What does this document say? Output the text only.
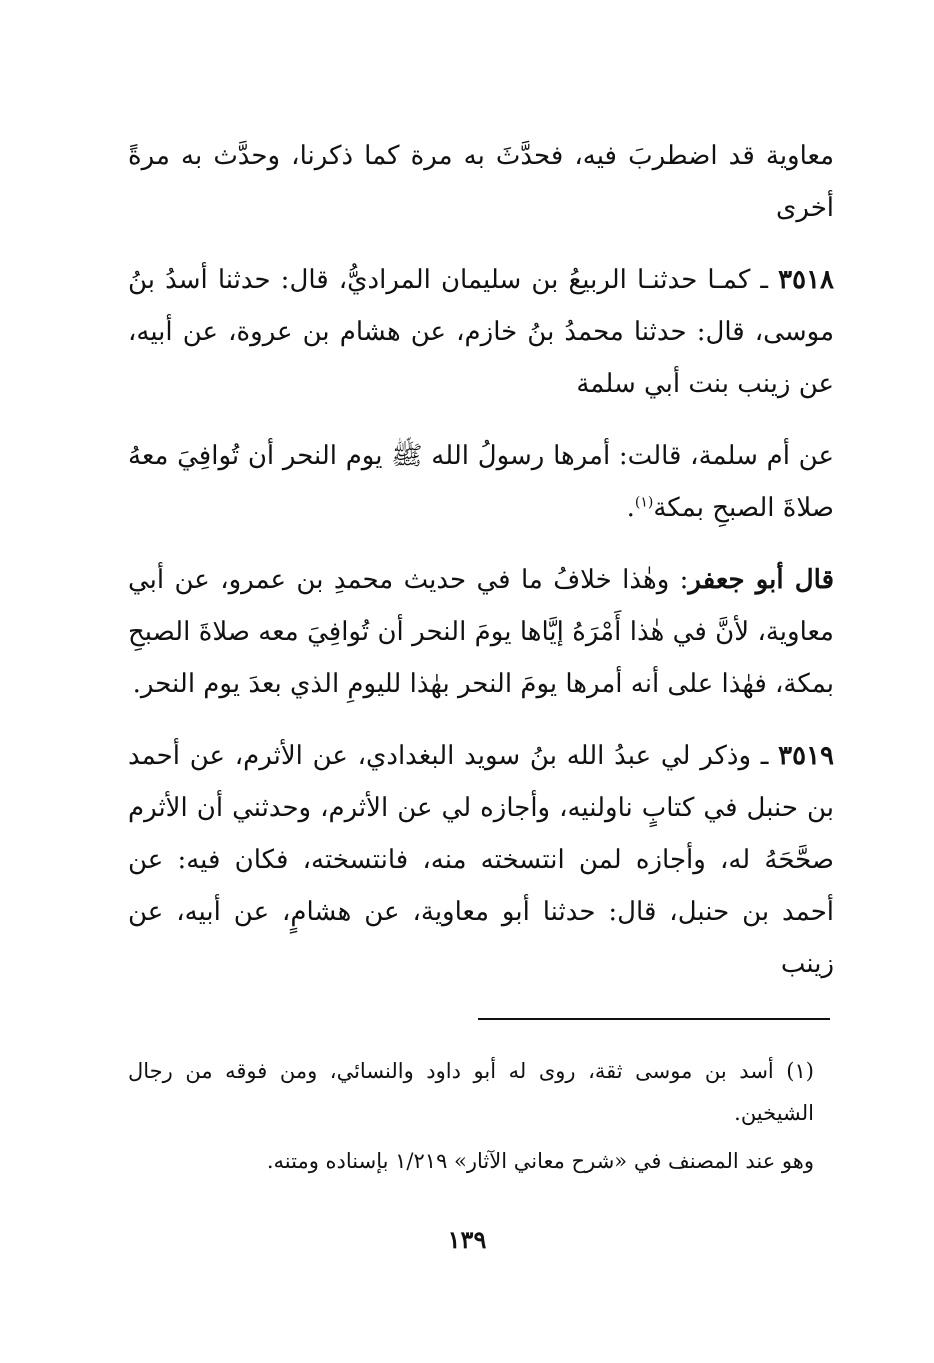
معاوية قد اضطربَ فيه، فحدَّثَ به مرة كما ذكرنا، وحدَّث به مرةً أخرى

٣٥١٨ ـ كمـا حدثنـا الربيعُ بن سليمان المراديُّ، قال: حدثنا أسدُ بنُ موسى، قال: حدثنا محمدُ بنُ خازم، عن هشام بن عروة، عن أبيه، عن زينب بنت أبي سلمة

عن أم سلمة، قالت: أمرها رسولُ الله ﷺ يوم النحر أن تُوافِيَ معهُ صلاةَ الصبحِ بمكة$^{(١)}$.

قال أبو جعفر: وهٰذا خلافُ ما في حديث محمدِ بن عمرو، عن أبي معاوية، لأنَّ في هٰذا أَمْرَهُ إيَّاها يومَ النحر أن تُوافِيَ معه صلاةَ الصبحِ بمكة، فهٰذا على أنه أمرها يومَ النحر بهٰذا لليومِ الذي بعدَ يوم النحر.

٣٥١٩ ـ وذكر لي عبدُ الله بنُ سويد البغدادي، عن الأثرم، عن أحمد بن حنبل في كتابٍ ناولنيه، وأجازه لي عن الأثرم، وحدثني أن الأثرم صحَّحَهُ له، وأجازه لمن انتسخته منه، فانتسخته، فكان فيه: عن أحمد بن حنبل، قال: حدثنا أبو معاوية، عن هشامٍ، عن أبيه، عن زينب

(١) أسد بن موسى ثقة، روى له أبو داود والنسائي، ومن فوقه من رجال الشيخين.

وهو عند المصنف في «شرح معاني الآثار» ١/٢١٩ بإسناده ومتنه.

١٣٩
